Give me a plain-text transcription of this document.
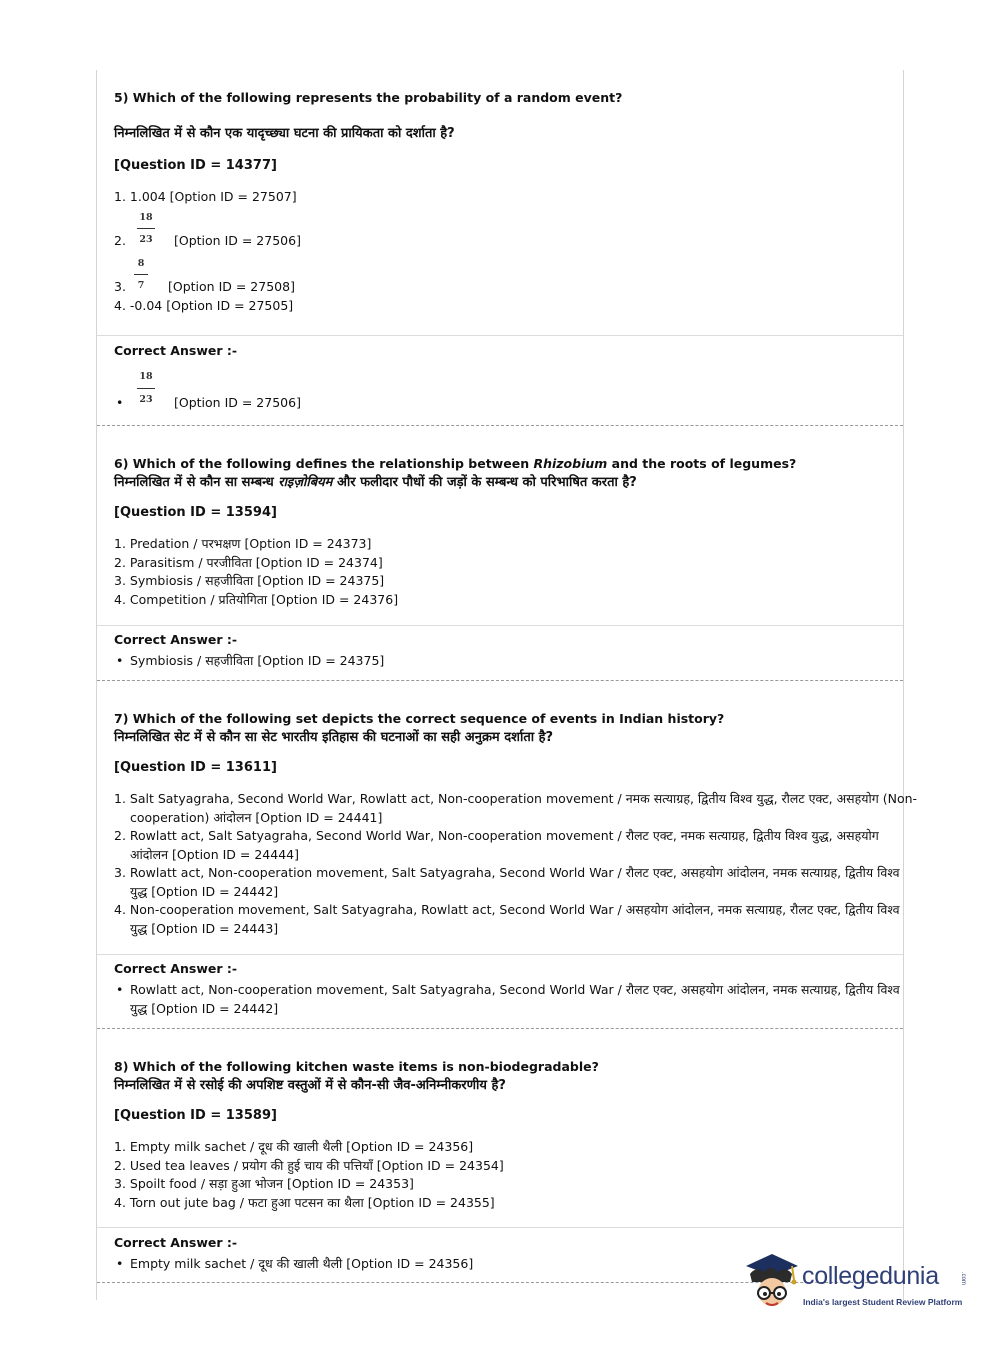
5) Which of the following represents the probability of a random event?

निम्नलिखित में से कौन एक यादृच्छ्या घटना की प्रायिकता को दर्शाता है?

[Question ID = 14377]
1. 1.004 [Option ID = 27507]
2.
18
23 [Option ID = 27506]
3.
8
7 [Option ID = 27508]
4. -0.04 [Option ID = 27505]
Correct Answer :-
•
18
23 [Option ID = 27506]

6) Which of the following defines the relationship between Rhizobium and the roots of legumes?

निम्नलिखित में से कौन सा सम्बन्ध राइज़ोबियम और फलीदार पौधों की जड़ों के सम्बन्ध को परिभाषित करता है?

[Question ID = 13594]
1. Predation / परभक्षण [Option ID = 24373]
2. Parasitism / परजीविता [Option ID = 24374]
3. Symbiosis / सहजीविता [Option ID = 24375]
4. Competition / प्रतियोगिता [Option ID = 24376]
Correct Answer :-
• Symbiosis / सहजीविता [Option ID = 24375]

7) Which of the following set depicts the correct sequence of events in Indian history?

निम्नलिखित सेट में से कौन सा सेट भारतीय इतिहास की घटनाओं का सही अनुक्रम दर्शाता है?

[Question ID = 13611]
1. Salt Satyagraha, Second World War, Rowlatt act, Non-cooperation movement / नमक सत्याग्रह, द्वितीय विश्व युद्ध, रौलट एक्ट, असहयोग (Non-cooperation) आंदोलन [Option ID = 24441]
2. Rowlatt act, Salt Satyagraha, Second World War, Non-cooperation movement / रौलट एक्ट, नमक सत्याग्रह, द्वितीय विश्व युद्ध, असहयोग आंदोलन [Option ID = 24444]
3. Rowlatt act, Non-cooperation movement, Salt Satyagraha, Second World War / रौलट एक्ट, असहयोग आंदोलन, नमक सत्याग्रह, द्वितीय विश्व युद्ध [Option ID = 24442]
4. Non-cooperation movement, Salt Satyagraha, Rowlatt act, Second World War / असहयोग आंदोलन, नमक सत्याग्रह, रौलट एक्ट, द्वितीय विश्व युद्ध [Option ID = 24443]
Correct Answer :-
• Rowlatt act, Non-cooperation movement, Salt Satyagraha, Second World War / रौलट एक्ट, असहयोग आंदोलन, नमक सत्याग्रह, द्वितीय विश्व युद्ध [Option ID = 24442]

8) Which of the following kitchen waste items is non-biodegradable?

निम्नलिखित में से रसोई की अपशिष्ट वस्तुओं में से कौन-सी जैव-अनिम्नीकरणीय है?

[Question ID = 13589]
1. Empty milk sachet / दूध की खाली थैली [Option ID = 24356]
2. Used tea leaves / प्रयोग की हुई चाय की पत्तियाँ [Option ID = 24354]
3. Spoilt food / सड़ा हुआ भोजन [Option ID = 24353]
4. Torn out jute bag / फटा हुआ पटसन का थैला [Option ID = 24355]
Correct Answer :-
• Empty milk sachet / दूध की खाली थैली [Option ID = 24356]	collegedunia	.com
India's largest Student Review Platform
